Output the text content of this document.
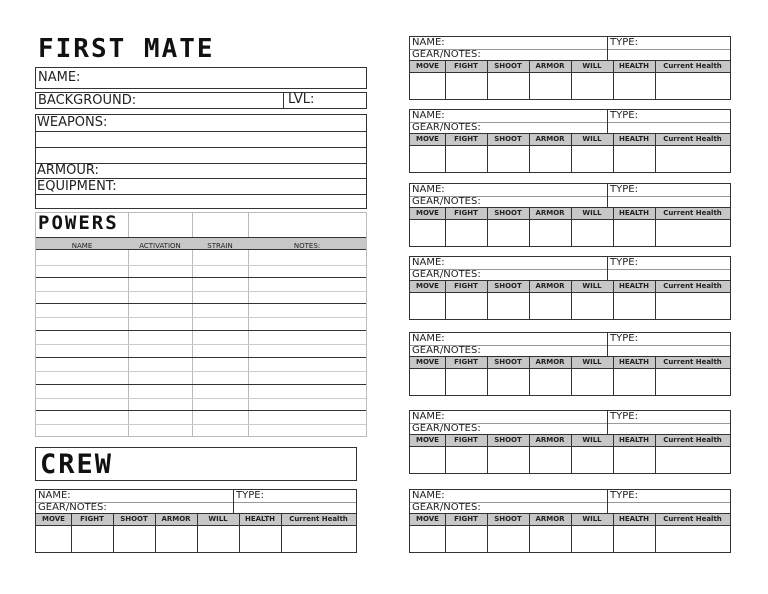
FIRST MATE
NAME:
BACKGROUND:	LVL:
WEAPONS:
ARMOUR:
EQUIPMENT:
POWERS
NAME	ACTIVATION	STRAIN	NOTES:
CREW
NAME:	TYPE:
GEAR/NOTES:
MOVE	FIGHT	SHOOT	ARMOR	WILL	HEALTH	Current Health
NAME:	TYPE:
GEAR/NOTES:
MOVE	FIGHT	SHOOT	ARMOR	WILL	HEALTH	Current Health
NAME:	TYPE:
GEAR/NOTES:
MOVE	FIGHT	SHOOT	ARMOR	WILL	HEALTH	Current Health
NAME:	TYPE:
GEAR/NOTES:
MOVE	FIGHT	SHOOT	ARMOR	WILL	HEALTH	Current Health
NAME:	TYPE:
GEAR/NOTES:
MOVE	FIGHT	SHOOT	ARMOR	WILL	HEALTH	Current Health
NAME:	TYPE:
GEAR/NOTES:
MOVE	FIGHT	SHOOT	ARMOR	WILL	HEALTH	Current Health
NAME:	TYPE:
GEAR/NOTES:
MOVE	FIGHT	SHOOT	ARMOR	WILL	HEALTH	Current Health
NAME:	TYPE:
GEAR/NOTES:
MOVE	FIGHT	SHOOT	ARMOR	WILL	HEALTH	Current Health
